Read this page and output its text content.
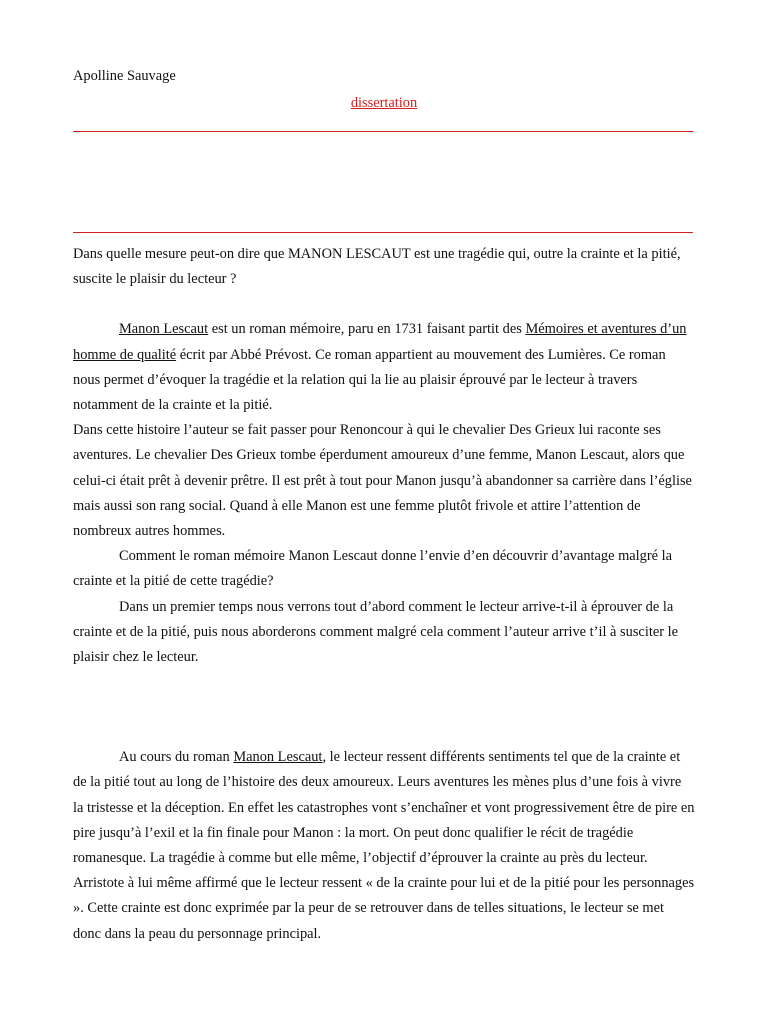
Apolline Sauvage
dissertation

Dans quelle mesure peut-on dire que MANON LESCAUT est une tragédie qui, outre la crainte et la pitié, suscite le plaisir du lecteur ?

Manon Lescaut est un roman mémoire, paru en 1731 faisant partit des Mémoires et aventures d’un homme de qualité écrit par Abbé Prévost. Ce roman appartient au mouvement des Lumières. Ce roman nous permet d’évoquer la tragédie et la relation qui la lie au plaisir éprouvé par le lecteur à travers notamment de la crainte et la pitié.

Dans cette histoire l’auteur se fait passer pour Renoncour à qui le chevalier Des Grieux lui raconte ses aventures. Le chevalier Des Grieux tombe éperdument amoureux d’une femme, Manon Lescaut, alors que celui-ci était prêt à devenir prêtre. Il est prêt à tout pour Manon jusqu’à abandonner sa carrière dans l’église mais aussi son rang social. Quand à elle Manon est une femme plutôt frivole et attire l’attention de nombreux autres hommes.

Comment le roman mémoire Manon Lescaut donne l’envie d’en découvrir d’avantage malgré la crainte et la pitié de cette tragédie?

Dans un premier temps nous verrons tout d’abord comment le lecteur arrive-t-il à éprouver de la crainte et de la pitié, puis nous aborderons comment malgré cela comment l’auteur arrive t’il à susciter le plaisir chez le lecteur.

Au cours du roman Manon Lescaut, le lecteur ressent différents sentiments tel que de la crainte et de la pitié tout au long de l’histoire des deux amoureux. Leurs aventures les mènes plus d’une fois à vivre la tristesse et la déception. En effet les catastrophes vont s’enchaîner et vont progressivement être de pire en pire jusqu’à l’exil et la fin finale pour Manon : la mort. On peut donc qualifier le récit de tragédie romanesque. La tragédie à comme but elle même, l’objectif d’éprouver la crainte au près du lecteur. Arristote à lui même affirmé que le lecteur ressent « de la crainte pour lui et de la pitié pour les personnages ». Cette crainte est donc exprimée par la peur de se retrouver dans de telles situations, le lecteur se met donc dans la peau du personnage principal.
